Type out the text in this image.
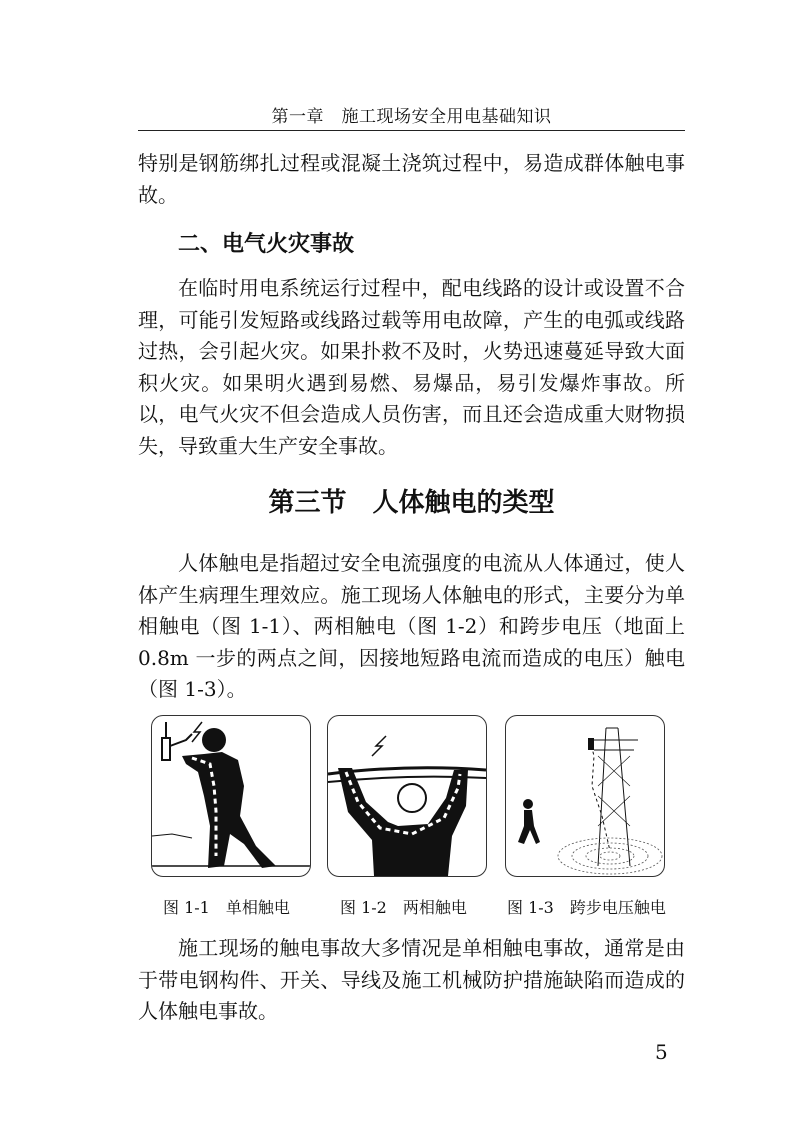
第一章　施工现场安全用电基础知识

特别是钢筋绑扎过程或混凝土浇筑过程中，易造成群体触电事故。

二、电气火灾事故

在临时用电系统运行过程中，配电线路的设计或设置不合理，可能引发短路或线路过载等用电故障，产生的电弧或线路过热，会引起火灾。如果扑救不及时，火势迅速蔓延导致大面积火灾。如果明火遇到易燃、易爆品，易引发爆炸事故。所以，电气火灾不但会造成人员伤害，而且还会造成重大财物损失，导致重大生产安全事故。

第三节　人体触电的类型

人体触电是指超过安全电流强度的电流从人体通过，使人体产生病理生理效应。施工现场人体触电的形式，主要分为单相触电（图 1-1）、两相触电（图 1-2）和跨步电压（地面上 0.8m 一步的两点之间，因接地短路电流而造成的电压）触电（图 1-3）。

图 1-1　单相触电	图 1-2　两相触电	图 1-3　跨步电压触电

施工现场的触电事故大多情况是单相触电事故，通常是由于带电钢构件、开关、导线及施工机械防护措施缺陷而造成的人体触电事故。

5
